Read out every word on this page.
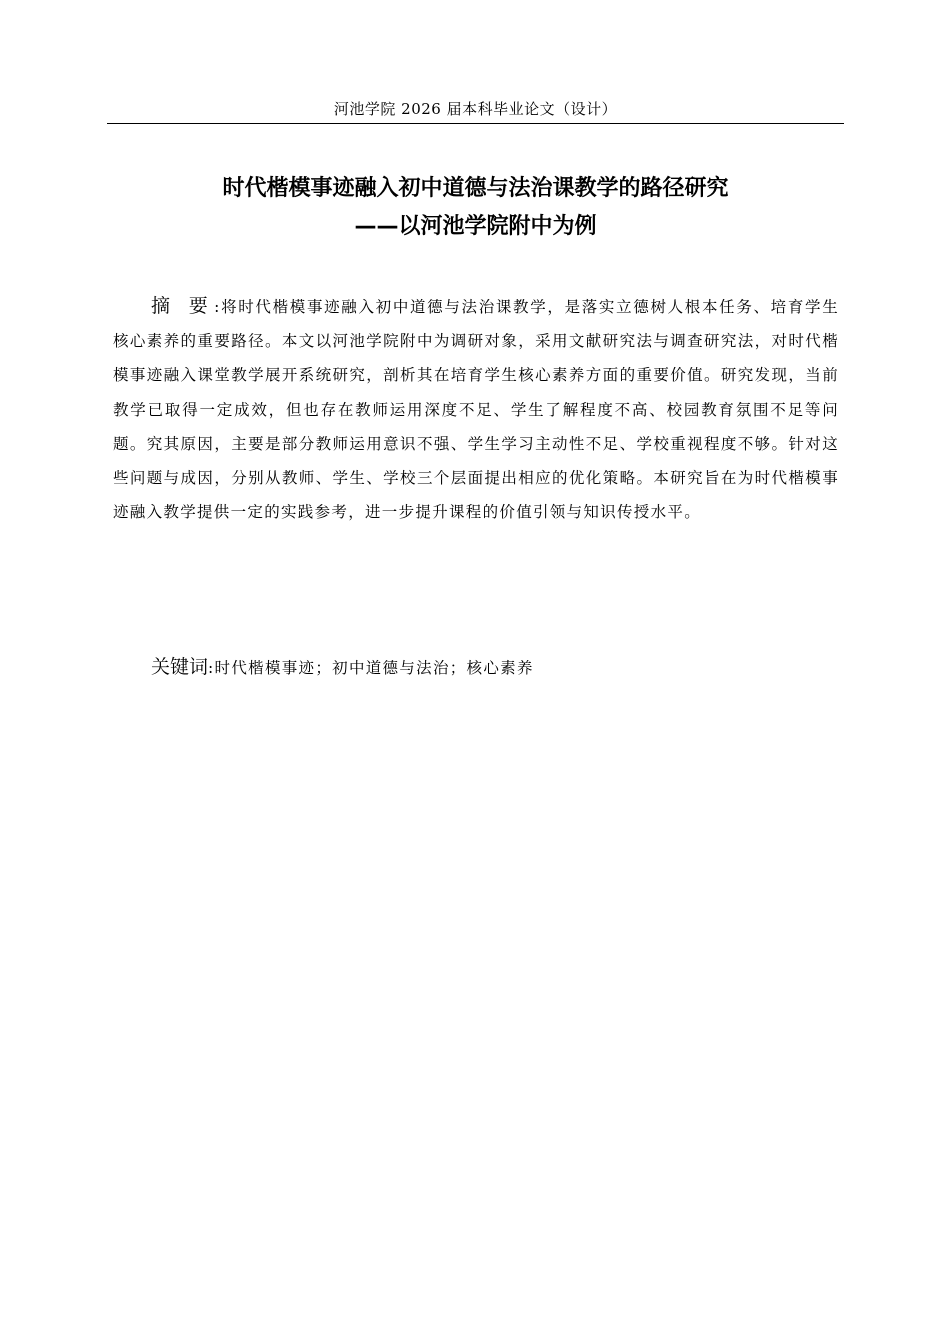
河池学院 2026 届本科毕业论文（设计）
时代楷模事迹融入初中道德与法治课教学的路径研究
——以河池学院附中为例
摘 要:将时代楷模事迹融入初中道德与法治课教学，是落实立德树人根本任务、培育学生核心素养的重要路径。本文以河池学院附中为调研对象，采用文献研究法与调查研究法，对时代楷模事迹融入课堂教学展开系统研究，剖析其在培育学生核心素养方面的重要价值。研究发现，当前教学已取得一定成效，但也存在教师运用深度不足、学生了解程度不高、校园教育氛围不足等问题。究其原因，主要是部分教师运用意识不强、学生学习主动性不足、学校重视程度不够。针对这些问题与成因，分别从教师、学生、学校三个层面提出相应的优化策略。本研究旨在为时代楷模事迹融入教学提供一定的实践参考，进一步提升课程的价值引领与知识传授水平。
关键词:时代楷模事迹；初中道德与法治；核心素养
